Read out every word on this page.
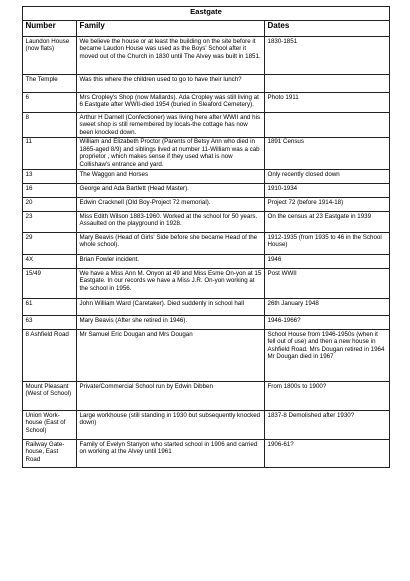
Eastgate		
Number	Family	Dates
Laundon House (now flats)	We believe the house or at least the building on the site before it became Laudon House was used as the Boys' School after it moved out of the Church in 1830 until The Alvey was built in 1851.	1830-1851
The Temple	Was this where the children used to go to have their lunch?	
6	Mrs Cropley's Shop (now Mallards). Ada Cropley was still living at 6 Eastgate after WWII-died 1954 (buried in Sleaford Cemetery).	Photo 1911
8	Arthur H Darnell (Confectioner) was living here after WWII and his sweet shop is still remembered by locals-the cottage has now been knocked down.	
11	William and Elizabeth Proctor (Parents of Betsy Ann who died in 1865-aged 8/9) and siblings lived at number 11-William was a cab proprietor , which makes sense if they used what is now Collishaw's entrance and yard.	1891 Census
13	The Waggon and Horses	Only recently closed down
16	George and Ada Bartlett (Head Master).	1910-1934
20	Edwin Cracknell (Old Boy-Project 72 memorial).	Project 72 (before 1914-18)
23	Miss Edith Wilson 1883-1960. Worked at the school for 50 years. Assaulted on the playground in 1928.	On the census at 23 Eastgate in 1939
29	Mary Beavis (Head of Girls' Side before she became Head of the whole school).	1912-1935 (from 1935 to 46 in the School House)
4X	Brian Fowler incident.	1946
15/49	We have a Miss Ann M. Onyon at 49 and Miss Esme On-yon at 15 Eastgate. In our records we have a Miss J.R. On-yon working at the school in 1956.	Post WWII
61	John William Ward (Caretaker). Died suddenly in school hall	26th January 1948
63	Mary Beavis (After she retired in 1946).	1946-1966?
8 Ashfield Road	Mr Samuel Eric Dougan and Mrs Dougan	School House from 1946-1950s (when it fell out of use) and then a new house in Ashfield Road. Mrs Dougan retired in 1964
Mr Dougan died in 1967
Mount Pleasant (West of School)	Private/Commercial School run by Edwin Dibben	From 1800s to 1900?
Union Work-house (East of School)	Large workhouse (still standing in 1930 but subsequently knocked down)	1837-8 Demolished after 1930?
Railway Gate-house, East Road	Family of Evelyn Stanyon who started school in 1906 and carried on working at the Alvey until 1961	1906-61?
